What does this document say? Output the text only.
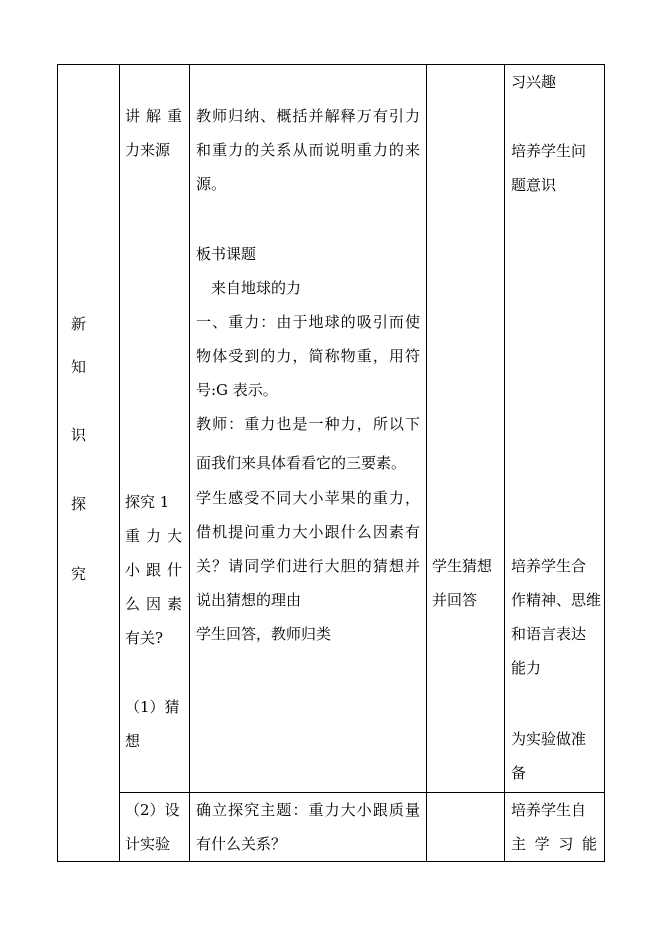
新
知
识
探
究
讲解重
力来源
探究 1
重力大
小跟什
么因素
有关?
（1）猜
想
（2）设
计实验
教师归纳、概括并解释万有引力
和重力的关系从而说明重力的来
源。
板书课题
来自地球的力
一、重力：由于地球的吸引而使
物体受到的力，简称物重，用符
号:G 表示。
教师：重力也是一种力，所以下
面我们来具体看看它的三要素。
学生感受不同大小苹果的重力，
借机提问重力大小跟什么因素有
关？请同学们进行大胆的猜想并
说出猜想的理由
学生回答，教师归类
确立探究主题：重力大小跟质量
有什么关系？
学生猜想
并回答
习兴趣
培养学生问
题意识
培养学生合
作精神、思维
和语言表达
能力
为实验做准
备
培养学生自
主学习能
